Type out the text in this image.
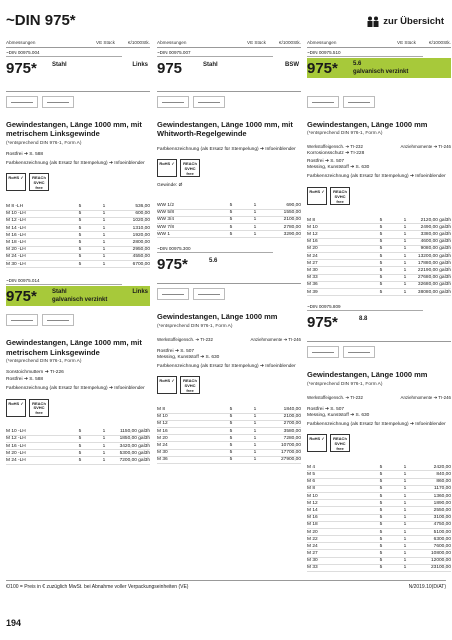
~DIN 975*	zur Übersicht
Abmessungen	VE Stück	€/1000Stk.
~DIN 00975.004
975*	Stahl	Links
Gewindestangen, Länge 1000 mm, mit metrischem Linksgewinde
(*entsprechend DIN 976-1, Form A)
Rostfrei ➜ S. 588
Farbkennzeichnung (als Ersatz für Stempelung) ➜ Infoeinblender
RoHS ✓	REACh SVHC free
M 8 -LH	5	1	536,00
M 10 -LH	5	1	600,00
M 12 -LH	5	1	1020,00
M 14 -LH	5	1	1310,00
M 16 -LH	5	1	1920,00
M 18 -LH	5	1	2800,00
M 20 -LH	5	1	2950,00
M 24 -LH	5	1	4550,00
M 30 -LH	5	1	6700,00
~DIN 00975.014
975*	Stahl
galvanisch verzinkt
Links
Gewindestangen, Länge 1000 mm, mit metrischem Linksgewinde
(*entsprechend DIN 976-1, Form A)
Sonstoichmuttern ➜ TI-226
Rostfrei ➜ S. 588
Farbkennzeichnung (als Ersatz für Stempelung) ➜ Infoeinblender
RoHS ✓	REACh SVHC free
M 10 -LH	5	1	1150,00 gal3h
M 12 -LH	5	1	1850,00 gal3h
M 16 -LH	5	1	3420,00 gal3h
M 20 -LH	5	1	5300,00 gal3h
M 24 -LH	5	1	7200,00 gal3h
Abmessungen	VE Stück	€/1000Stk.
~DIN 00975.007
975	Stahl	BSW
Gewindestangen, Länge 1000 mm, mit Whitworth-Regelgewinde
Farbkennzeichnung (als Ersatz für Stempelung) ➜ Infoeinblender
RoHS ✓	REACh SVHC free
Gewinde: Ø
WW 1/2	5	1	690,00
WW 5/8	5	1	1550,00
WW 3/4	5	1	2100,00
WW 7/8	5	1	2780,00
WW 1	5	1	3290,00
~DIN 00975.300
975*	5.6
Gewindestangen, Länge 1000 mm
(*entsprechend DIN 976-1, Form A)
Werkstoffeigensch. ➜ TI-232	Anziehmomente ➜ TI-246
Rostfrei ➜ S. 507
Messing, Kunststoff ➜ S. 630
Farbkennzeichnung (als Ersatz für Stempelung) ➜ Infoeinblender
RoHS ✓	REACh SVHC free
M 8	5	1	1840,00
M 10	5	1	2100,00
M 12	5	1	2700,00
M 16	5	1	3580,00
M 20	5	1	7280,00
M 24	5	1	10700,00
M 30	5	1	17700,00
M 36	5	1	27900,00
Abmessungen	VE Stück	€/1000Stk.
~DIN 00975.510
975*	5.6
galvanisch verzinkt
Gewindestangen, Länge 1000 mm
(*entsprechend DIN 976-1, Form A)
Werkstoffeigensch. ➜ TI-232	Anziehmomente ➜ TI-246
Korrosionsschutz ➜ TI-228
Rostfrei ➜ S. 507
Messing, Kunststoff ➜ S. 630
Farbkennzeichnung (als Ersatz für Stempelung) ➜ Infoeinblender
RoHS ✓	REACh SVHC free
M 8	5	1	2120,00 gal3h
M 10	5	1	2490,00 gal3h
M 12	5	1	3380,00 gal3h
M 16	5	1	4600,00 gal3h
M 20	5	1	9080,00 gal3h
M 24	5	1	13200,00 gal3h
M 27	5	1	17880,00 gal3h
M 30	5	1	22190,00 gal3h
M 33	5	1	27680,00 gal3h
M 36	5	1	32680,00 gal3h
M 39	5	1	38080,00 gal3h
~DIN 00975.809
975*	8.8
Gewindestangen, Länge 1000 mm
(*entsprechend DIN 976-1, Form A)
Werkstoffeigensch. ➜ TI-232	Anziehmomente ➜ TI-246
Rostfrei ➜ S. 507
Messing, Kunststoff ➜ S. 630
Farbkennzeichnung (als Ersatz für Stempelung) ➜ Infoeinblender
RoHS ✓	REACh SVHC free
M 4	5	1	2420,00
M 5	5	1	840,00
M 6	5	1	860,00
M 8	5	1	1170,00
M 10	5	1	1360,00
M 12	5	1	1890,00
M 14	5	1	2550,00
M 16	5	1	3100,00
M 18	5	1	4750,00
M 20	5	1	5100,00
M 22	5	1	6300,00
M 24	5	1	7600,00
M 27	5	1	10800,00
M 30	5	1	12000,00
M 33	5	1	23100,00
€/100 = Preis in € zuzüglich MwSt. bei Abnahme voller Verpackungseinheiten (VE)	N/2019.10(D/AT)
194
